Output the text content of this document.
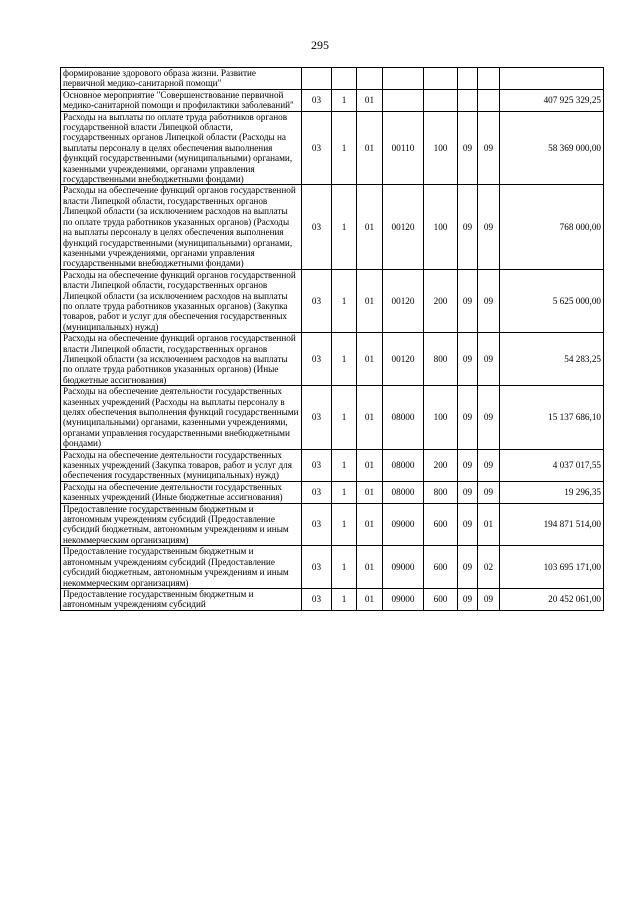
295
формирование здорового образа жизни. Развитие первичной медико-санитарной помощи"								
Основное мероприятие "Совершенствование первичной медико-санитарной помощи и профилактики заболеваний"	03	1	01					407 925 329,25
Расходы на выплаты по оплате труда работников органов государственной власти Липецкой области, государственных органов Липецкой области (Расходы на выплаты персоналу в целях обеспечения выполнения функций государственными (муниципальными) органами, казенными учреждениями, органами управления государственными внебюджетными фондами)	03	1	01	00110	100	09	09	58 369 000,00
Расходы на обеспечение функций органов государственной власти Липецкой области, государственных органов Липецкой области (за исключением расходов на выплаты по оплате труда работников указанных органов) (Расходы на выплаты персоналу в целях обеспечения выполнения функций государственными (муниципальными) органами, казенными учреждениями, органами управления государственными внебюджетными фондами)	03	1	01	00120	100	09	09	768 000,00
Расходы на обеспечение функций органов государственной власти Липецкой области, государственных органов Липецкой области (за исключением расходов на выплаты по оплате труда работников указанных органов) (Закупка товаров, работ и услуг для обеспечения государственных (муниципальных) нужд)	03	1	01	00120	200	09	09	5 625 000,00
Расходы на обеспечение функций органов государственной власти Липецкой области, государственных органов Липецкой области (за исключением расходов на выплаты по оплате труда работников указанных органов) (Иные бюджетные ассигнования)	03	1	01	00120	800	09	09	54 283,25
Расходы на обеспечение деятельности государственных казенных учреждений (Расходы на выплаты персоналу в целях обеспечения выполнения функций государственными (муниципальными) органами, казенными учреждениями, органами управления государственными внебюджетными фондами)	03	1	01	08000	100	09	09	15 137 686,10
Расходы на обеспечение деятельности государственных казенных учреждений (Закупка товаров, работ и услуг для обеспечения государственных (муниципальных) нужд)	03	1	01	08000	200	09	09	4 037 017,55
Расходы на обеспечение деятельности государственных казенных учреждений (Иные бюджетные ассигнования)	03	1	01	08000	800	09	09	19 296,35
Предоставление государственным бюджетным и автономным учреждениям субсидий (Предоставление субсидий бюджетным, автономным учреждениям и иным некоммерческим организациям)	03	1	01	09000	600	09	01	194 871 514,00
Предоставление государственным бюджетным и автономным учреждениям субсидий (Предоставление субсидий бюджетным, автономным учреждениям и иным некоммерческим организациям)	03	1	01	09000	600	09	02	103 695 171,00
Предоставление государственным бюджетным и автономным учреждениям субсидий	03	1	01	09000	600	09	09	20 452 061,00
